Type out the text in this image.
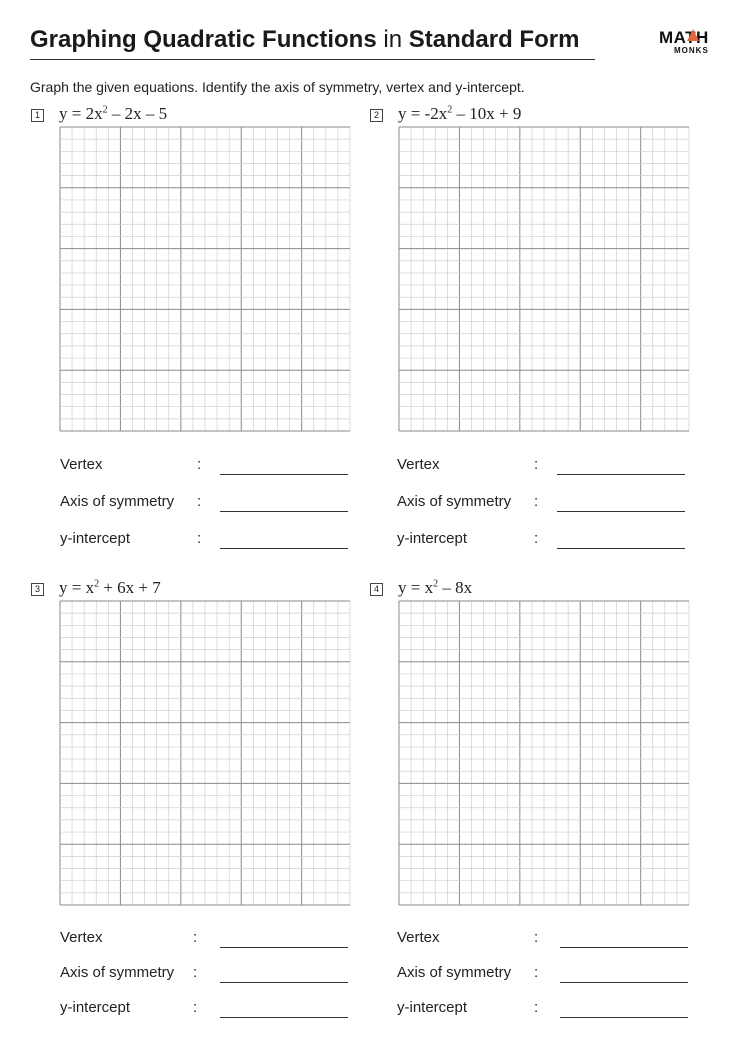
Graphing Quadratic Functions in Standard Form	MATH
MONKS
Graph the given equations. Identify the axis of symmetry, vertex and y-intercept.
1 $y = 2x^2 - 2x - 5$
Vertex	:
Axis of symmetry :
y-intercept	:
2 $y = -2x^2 - 10x + 9$
Vertex	:
Axis of symmetry :
y-intercept	:
3 $y = x^2 + 6x + 7$
Vertex	:
Axis of symmetry :
y-intercept	:
4 $y = x^2 - 8x$
Vertex	:
Axis of symmetry :
y-intercept	:
